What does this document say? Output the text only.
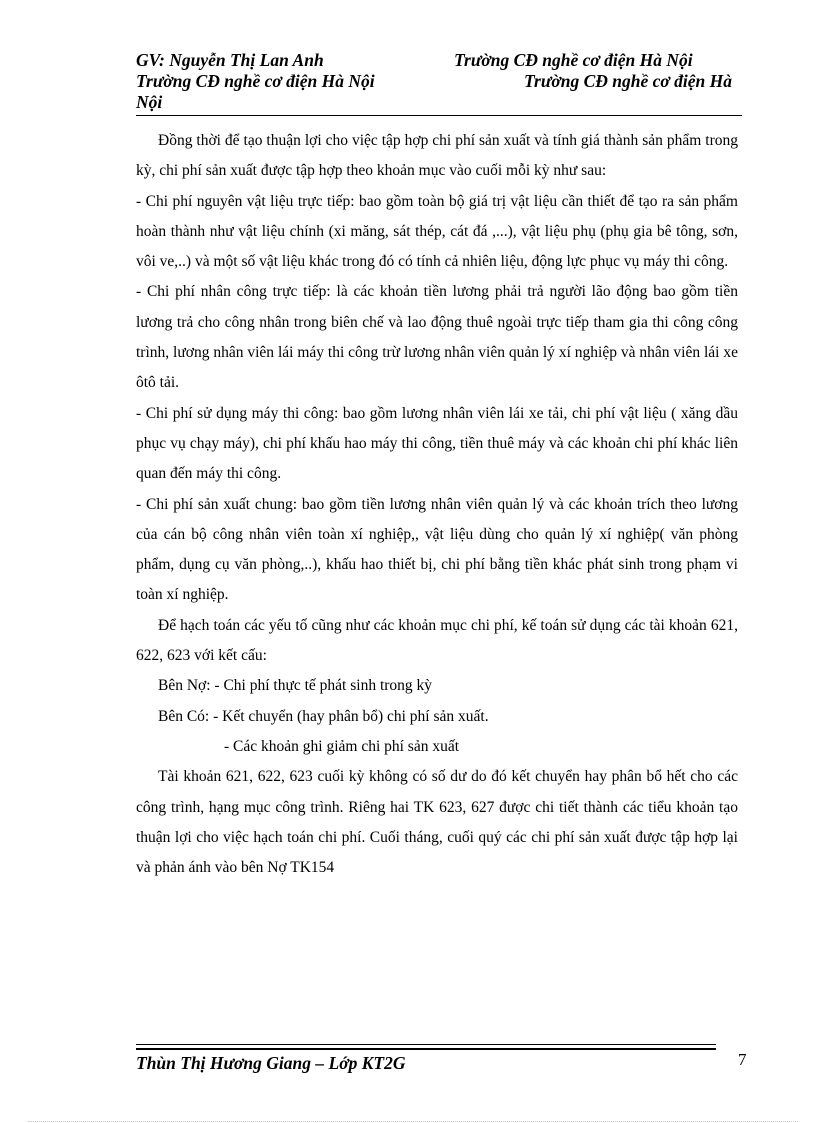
GV: Nguyễn Thị Lan Anh	Trường CĐ nghề cơ điện Hà Nội
Trường CĐ nghề cơ điện Hà Nội	Trường CĐ nghề cơ điện Hà
Nội

Đồng thời để tạo thuận lợi cho việc tập hợp chi phí sản xuất và tính giá thành sản phẩm trong kỳ, chi phí sản xuất được tập hợp theo khoản mục vào cuối mỗi kỳ như sau:

- Chi phí nguyên vật liệu trực tiếp: bao gồm toàn bộ giá trị vật liệu cần thiết để tạo ra sản phẩm hoàn thành như vật liệu chính (xi măng, sát thép, cát đá ,...), vật liệu phụ (phụ gia bê tông, sơn, vôi ve,..) và một số vật liệu khác trong đó có tính cả nhiên liệu, động lực phục vụ máy thi công.

- Chi phí nhân công trực tiếp: là các khoản tiền lương phải trả người lão động bao gồm tiền lương trả cho công nhân trong biên chế và lao động thuê ngoài trực tiếp tham gia thi công công trình, lương nhân viên lái máy thi công trừ lương nhân viên quản lý xí nghiệp và nhân viên lái xe ôtô tải.

- Chi phí sử dụng máy thi công: bao gồm lương nhân viên lái xe tải, chi phí vật liệu ( xăng dầu phục vụ chạy máy), chi phí khấu hao máy thi công, tiền thuê máy và các khoản chi phí khác liên quan đến máy thi công.

- Chi phí sản xuất chung: bao gồm tiền lương nhân viên quản lý và các khoản trích theo lương của cán bộ công nhân viên toàn xí nghiệp,, vật liệu dùng cho quản lý xí nghiệp( văn phòng phẩm, dụng cụ văn phòng,..), khấu hao thiết bị, chi phí bằng tiền khác phát sinh trong phạm vi toàn xí nghiệp.

Để hạch toán các yếu tố cũng như các khoản mục chi phí, kế toán sử dụng các tài khoản 621, 622, 623 với kết cấu:

Bên Nợ: - Chi phí thực tế phát sinh trong kỳ

Bên Có: - Kết chuyển (hay phân bổ) chi phí sản xuất.

- Các khoản ghi giảm chi phí sản xuất

Tài khoản 621, 622, 623 cuối kỳ không có số dư do đó kết chuyển hay phân bổ hết cho các công trình, hạng mục công trình. Riêng hai TK 623, 627 được chi tiết thành các tiểu khoản tạo thuận lợi cho việc hạch toán chi phí. Cuối tháng, cuối quý các chi phí sản xuất được tập hợp lại và phản ánh vào bên Nợ TK154

Thùn Thị Hương Giang – Lớp KT2G	7
